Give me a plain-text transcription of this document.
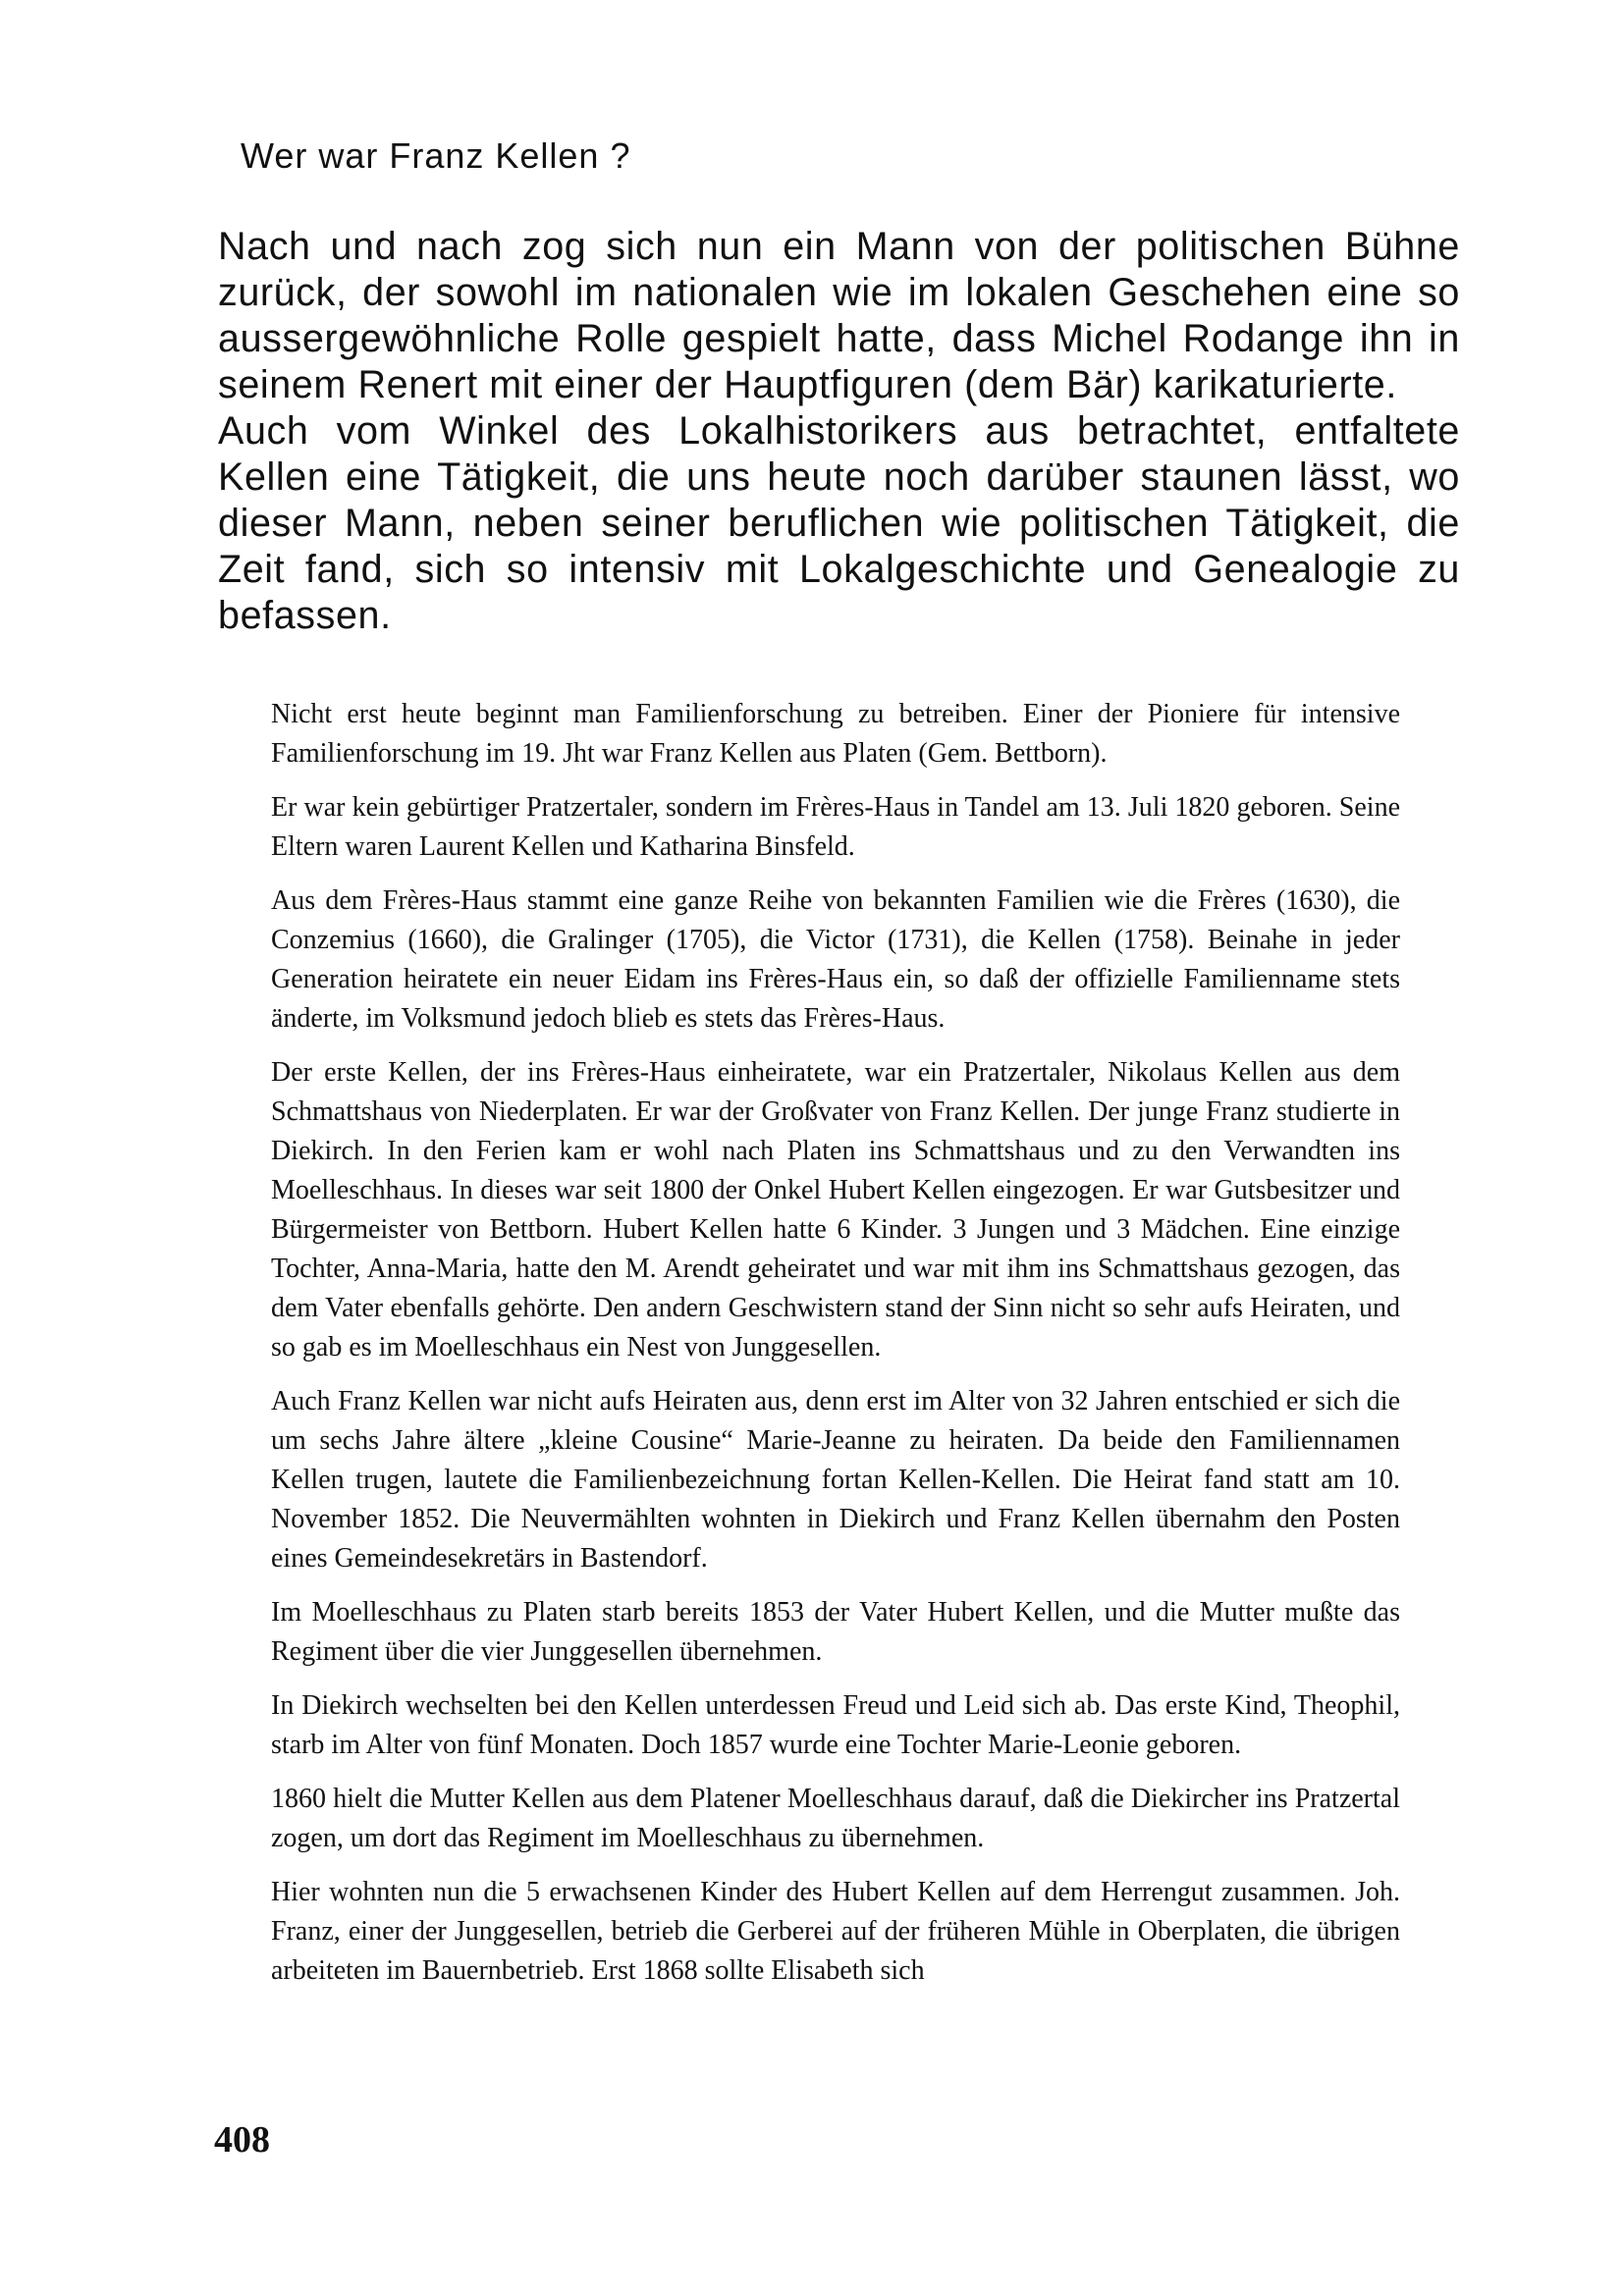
Wer war Franz Kellen ?

Nach und nach zog sich nun ein Mann von der politischen Bühne zurück, der sowohl im nationalen wie im lokalen Geschehen eine so aussergewöhnliche Rolle gespielt hatte, dass Michel Rodange ihn in seinem Renert mit einer der Hauptfiguren (dem Bär) karikaturierte.

Auch vom Winkel des Lokalhistorikers aus betrachtet, entfaltete Kellen eine Tätigkeit, die uns heute noch darüber staunen lässt, wo dieser Mann, neben seiner beruflichen wie politischen Tätigkeit, die Zeit fand, sich so intensiv mit Lokalgeschichte und Genealogie zu befassen.

Nicht erst heute beginnt man Familienforschung zu betreiben. Einer der Pioniere für intensive Familienforschung im 19. Jht war Franz Kellen aus Platen (Gem. Bettborn).

Er war kein gebürtiger Pratzertaler, sondern im Frères-Haus in Tandel am 13. Juli 1820 geboren. Seine Eltern waren Laurent Kellen und Katharina Binsfeld.

Aus dem Frères-Haus stammt eine ganze Reihe von bekannten Familien wie die Frères (1630), die Conzemius (1660), die Gralinger (1705), die Victor (1731), die Kellen (1758). Beinahe in jeder Generation heiratete ein neuer Eidam ins Frères-Haus ein, so daß der offizielle Familienname stets änderte, im Volksmund jedoch blieb es stets das Frères-Haus.

Der erste Kellen, der ins Frères-Haus einheiratete, war ein Pratzertaler, Nikolaus Kellen aus dem Schmattshaus von Niederplaten. Er war der Großvater von Franz Kellen. Der junge Franz studierte in Diekirch. In den Ferien kam er wohl nach Platen ins Schmattshaus und zu den Verwandten ins Moelleschhaus. In dieses war seit 1800 der Onkel Hubert Kellen eingezogen. Er war Gutsbesitzer und Bürgermeister von Bettborn. Hubert Kellen hatte 6 Kinder. 3 Jungen und 3 Mädchen. Eine einzige Tochter, Anna-Maria, hatte den M. Arendt geheiratet und war mit ihm ins Schmattshaus gezogen, das dem Vater ebenfalls gehörte. Den andern Geschwistern stand der Sinn nicht so sehr aufs Heiraten, und so gab es im Moelleschhaus ein Nest von Junggesellen.

Auch Franz Kellen war nicht aufs Heiraten aus, denn erst im Alter von 32 Jahren entschied er sich die um sechs Jahre ältere „kleine Cousine“ Marie-Jeanne zu heiraten. Da beide den Familiennamen Kellen trugen, lautete die Familienbezeichnung fortan Kellen-Kellen. Die Heirat fand statt am 10. November 1852. Die Neuvermählten wohnten in Diekirch und Franz Kellen übernahm den Posten eines Gemeindesekretärs in Bastendorf.

Im Moelleschhaus zu Platen starb bereits 1853 der Vater Hubert Kellen, und die Mutter mußte das Regiment über die vier Junggesellen übernehmen.

In Diekirch wechselten bei den Kellen unterdessen Freud und Leid sich ab. Das erste Kind, Theophil, starb im Alter von fünf Monaten. Doch 1857 wurde eine Tochter Marie-Leonie geboren.

1860 hielt die Mutter Kellen aus dem Platener Moelleschhaus darauf, daß die Diekircher ins Pratzertal zogen, um dort das Regiment im Moelleschhaus zu übernehmen.

Hier wohnten nun die 5 erwachsenen Kinder des Hubert Kellen auf dem Herrengut zusammen. Joh. Franz, einer der Junggesellen, betrieb die Gerberei auf der früheren Mühle in Oberplaten, die übrigen arbeiteten im Bauernbetrieb. Erst 1868 sollte Elisabeth sich

408
